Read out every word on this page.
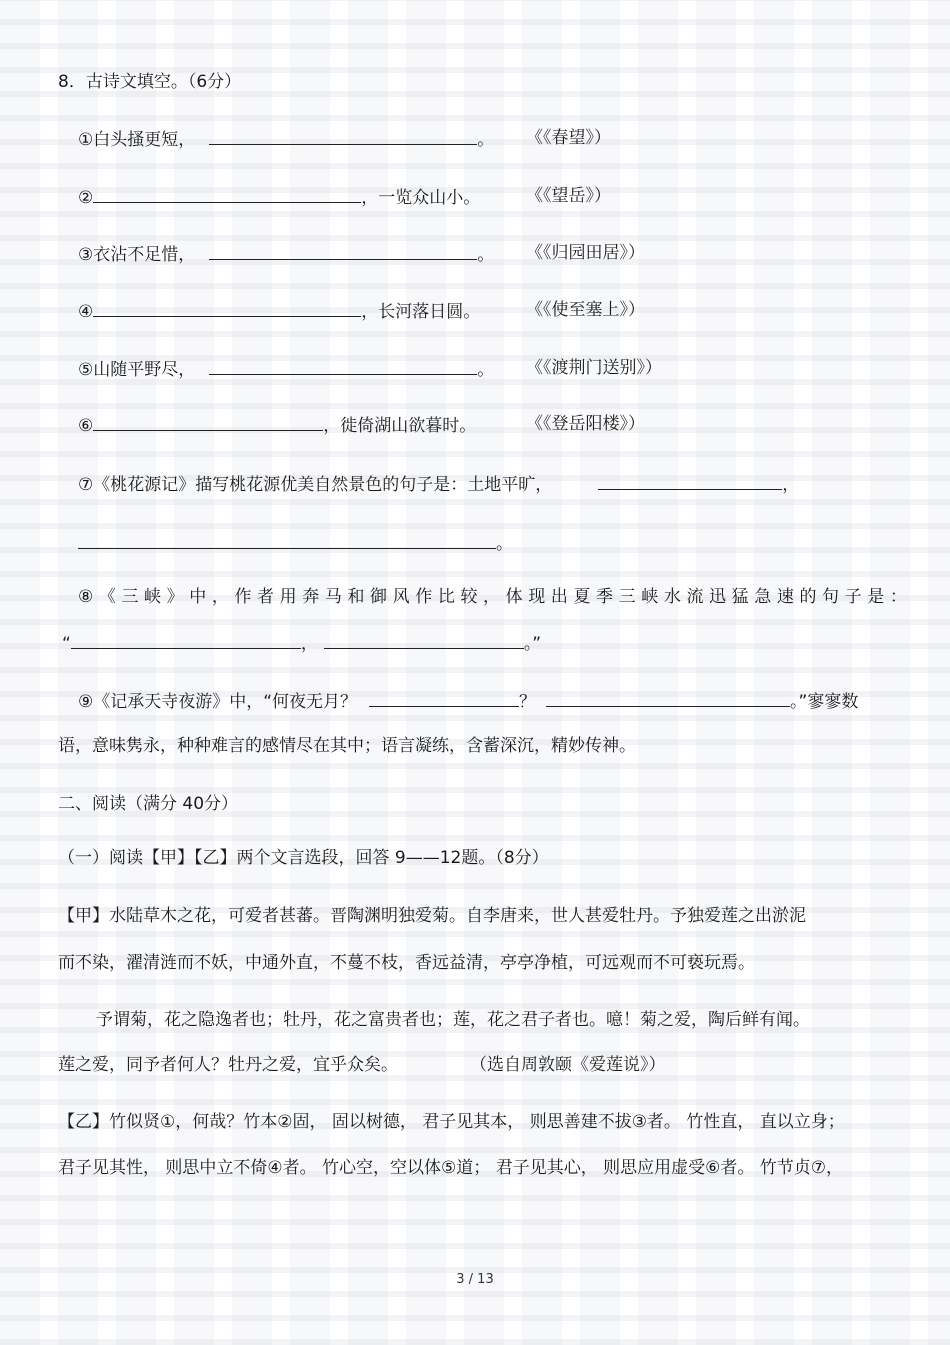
8．古诗文填空。（6分）
①白头搔更短，	。 《《春望》）
②	，一览众山小。	《《望岳》）
③衣沾不足惜，	。 《《归园田居》）
④	，长河落日圆。	《《使至塞上》）
⑤山随平野尽，	。 《《渡荆门送别》）
⑥	，徙倚湖山欲暮时。	《《登岳阳楼》）
⑦《桃花源记》描写桃花源优美自然景色的句子是：土地平旷，	，
。
⑧《三峡》中，作者用奔马和御风作比较，体现出夏季三峡水流迅猛急速的句子是：
“	，	。”
⑨《记承天寺夜游》中，“何夜无月？	？	。”寥寥数
语，意味隽永，种种难言的感情尽在其中；语言凝练，含蓄深沉，精妙传神。
二、阅读（满分 40分）
（一）阅读【甲】【乙】两个文言选段，回答 9——12题。（8分）
【甲】水陆草木之花，可爱者甚蕃。晋陶渊明独爱菊。自李唐来，世人甚爱牡丹。予独爱莲之出淤泥
而不染，濯清涟而不妖，中通外直，不蔓不枝，香远益清，亭亭净植，可远观而不可亵玩焉。
予谓菊，花之隐逸者也；牡丹，花之富贵者也；莲，花之君子者也。噫！菊之爱，陶后鲜有闻。
莲之爱，同予者何人？牡丹之爱，宜乎众矣。	（选自周敦颐《爱莲说》）
【乙】竹似贤①，何哉？竹本②固， 固以树德， 君子见其本， 则思善建不拔③者。 竹性直， 直以立身；
君子见其性， 则思中立不倚④者。 竹心空，空以体⑤道； 君子见其心， 则思应用虚受⑥者。 竹节贞⑦，
3 / 13
